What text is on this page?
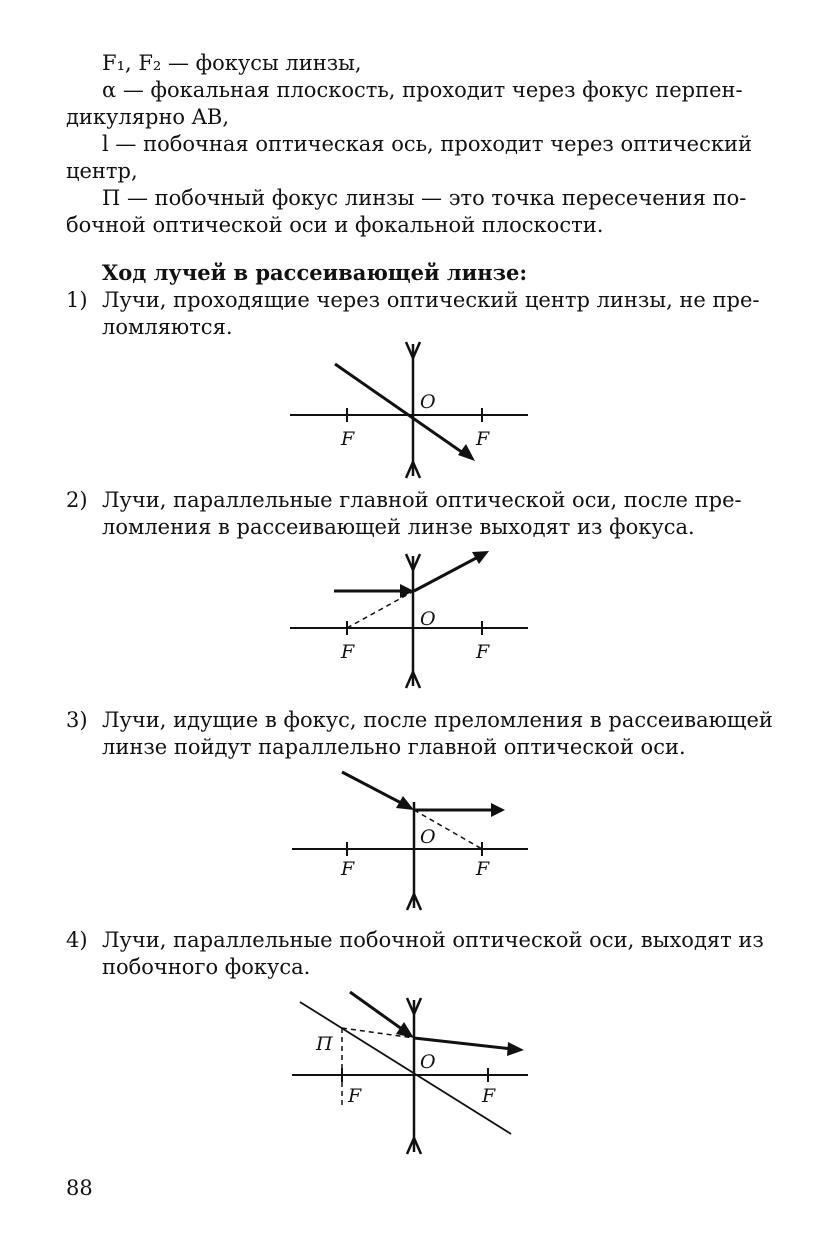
F₁, F₂ — фокусы линзы,
α — фокальная плоскость, проходит через фокус перпен-
дикулярно AB,
l — побочная оптическая ось, проходит через оптический
центр,
П — побочный фокус линзы — это точка пересечения по-
бочной оптической оси и фокальной плоскости.
Ход лучей в рассеивающей линзе:
1) Лучи, проходящие через оптический центр линзы, не пре-
ломляются.
O
F	F
2) Лучи, параллельные главной оптической оси, после пре-
ломления в рассеивающей линзе выходят из фокуса.
O
F	F
3) Лучи, идущие в фокус, после преломления в рассеивающей
линзе пойдут параллельно главной оптической оси.
O
F	F
4) Лучи, параллельные побочной оптической оси, выходят из
побочного фокуса.
П
O
F	F
88
